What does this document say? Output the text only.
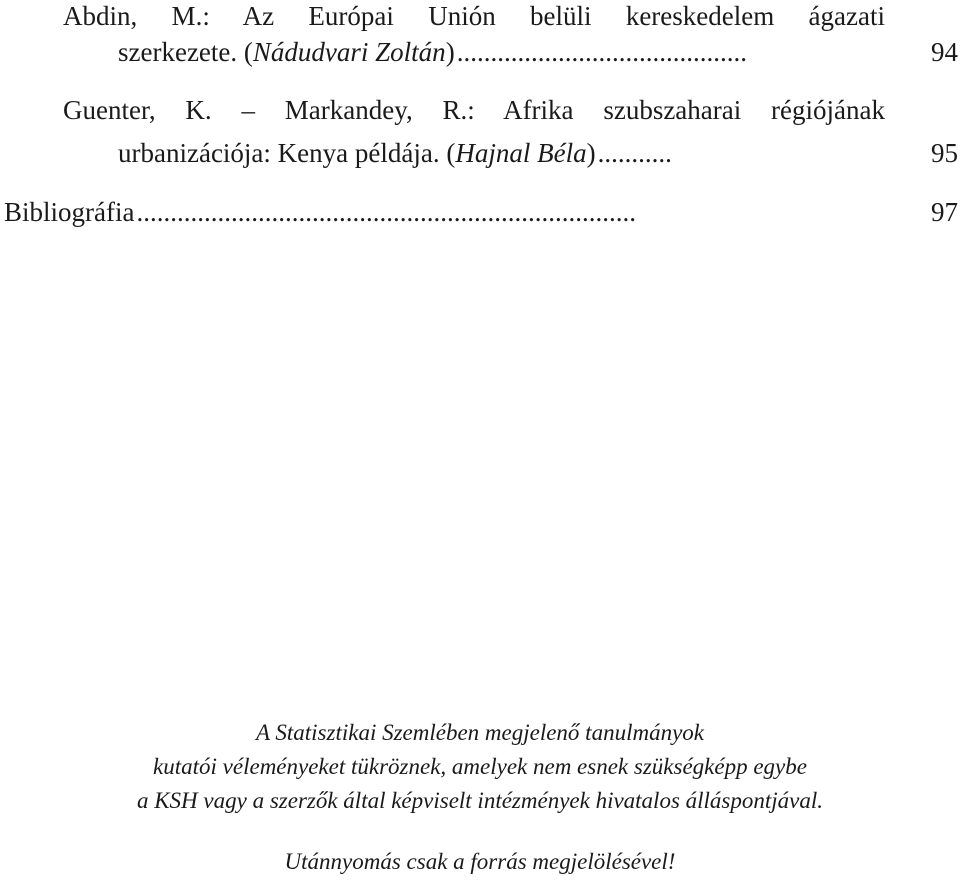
Abdin, M.: Az Európai Unión belüli kereskedelem ágazati
szerkezete. (Nádudvari Zoltán) ...........................................	94
Guenter, K. – Markandey, R.: Afrika szubszaharai régiójának
urbanizációja: Kenya példája. (Hajnal Béla) ...........	95
Bibliográfia ..........................................................................	97
A Statisztikai Szemlében megjelenő tanulmányok
kutatói véleményeket tükröznek, amelyek nem esnek szükségképp egybe
a KSH vagy a szerzők által képviselt intézmények hivatalos álláspontjával.
Utánnyomás csak a forrás megjelölésével!
